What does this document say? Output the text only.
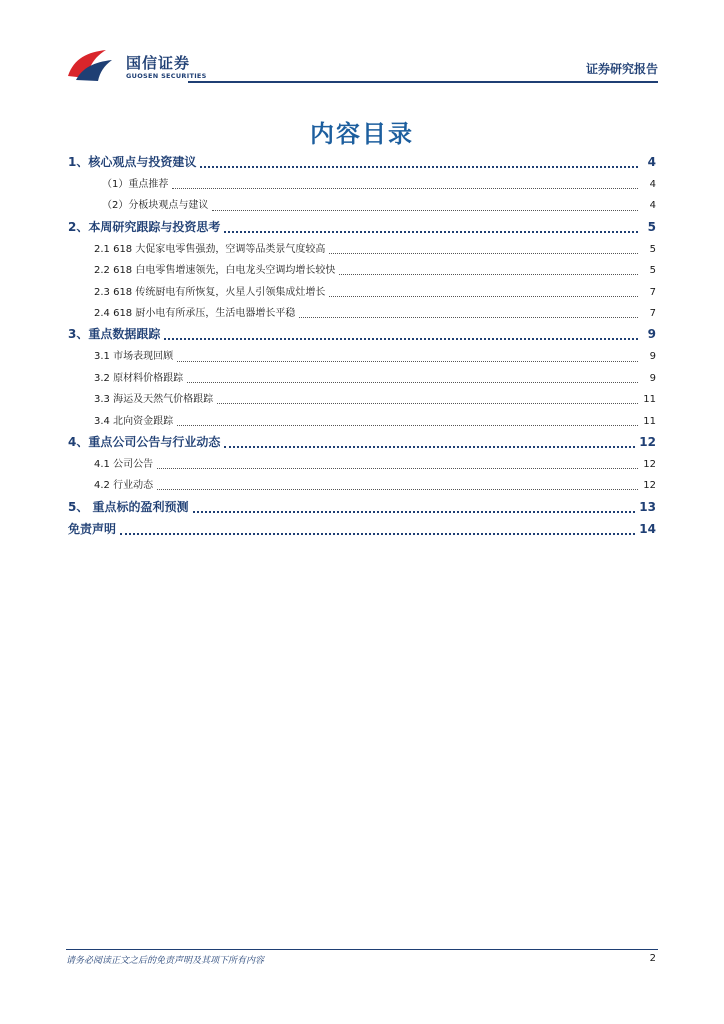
国信证券
GUOSEN SECURITIES	证券研究报告
内容目录
1、核心观点与投资建议	4
（1）重点推荐	4
（2）分板块观点与建议	4
2、本周研究跟踪与投资思考	5
2.1 618 大促家电零售强劲，空调等品类景气度较高	5
2.2 618 白电零售增速领先，白电龙头空调均增长较快	5
2.3 618 传统厨电有所恢复，火星人引领集成灶增长	7
2.4 618 厨小电有所承压，生活电器增长平稳	7
3、重点数据跟踪	9
3.1 市场表现回顾	9
3.2 原材料价格跟踪	9
3.3 海运及天然气价格跟踪	11
3.4 北向资金跟踪	11
4、重点公司公告与行业动态	12
4.1 公司公告	12
4.2 行业动态	12
5、 重点标的盈利预测	13
免责声明	14
请务必阅读正文之后的免责声明及其项下所有内容	2
